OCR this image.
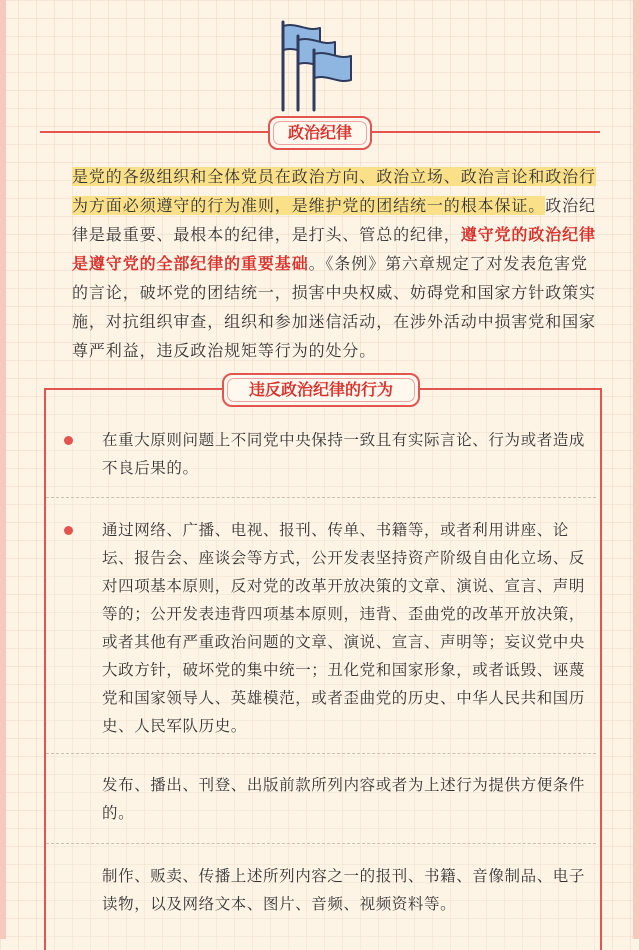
政治纪律
是党的各级组织和全体党员在政治方向、政治立场、政治言论和政治行为方面必须遵守的行为准则，是维护党的团结统一的根本保证。政治纪律是最重要、最根本的纪律，是打头、管总的纪律，遵守党的政治纪律是遵守党的全部纪律的重要基础。《条例》第六章规定了对发表危害党的言论，破坏党的团结统一，损害中央权威、妨碍党和国家方针政策实施，对抗组织审查，组织和参加迷信活动，在涉外活动中损害党和国家尊严利益，违反政治规矩等行为的处分。
违反政治纪律的行为
在重大原则问题上不同党中央保持一致且有实际言论、行为或者造成不良后果的。
通过网络、广播、电视、报刊、传单、书籍等，或者利用讲座、论坛、报告会、座谈会等方式，公开发表坚持资产阶级自由化立场、反对四项基本原则，反对党的改革开放决策的文章、演说、宣言、声明等的；公开发表违背四项基本原则，违背、歪曲党的改革开放决策，或者其他有严重政治问题的文章、演说、宣言、声明等；妄议党中央大政方针，破坏党的集中统一；丑化党和国家形象，或者诋毁、诬蔑党和国家领导人、英雄模范，或者歪曲党的历史、中华人民共和国历史、人民军队历史。
发布、播出、刊登、出版前款所列内容或者为上述行为提供方便条件的。
制作、贩卖、传播上述所列内容之一的报刊、书籍、音像制品、电子读物，以及网络文本、图片、音频、视频资料等。
